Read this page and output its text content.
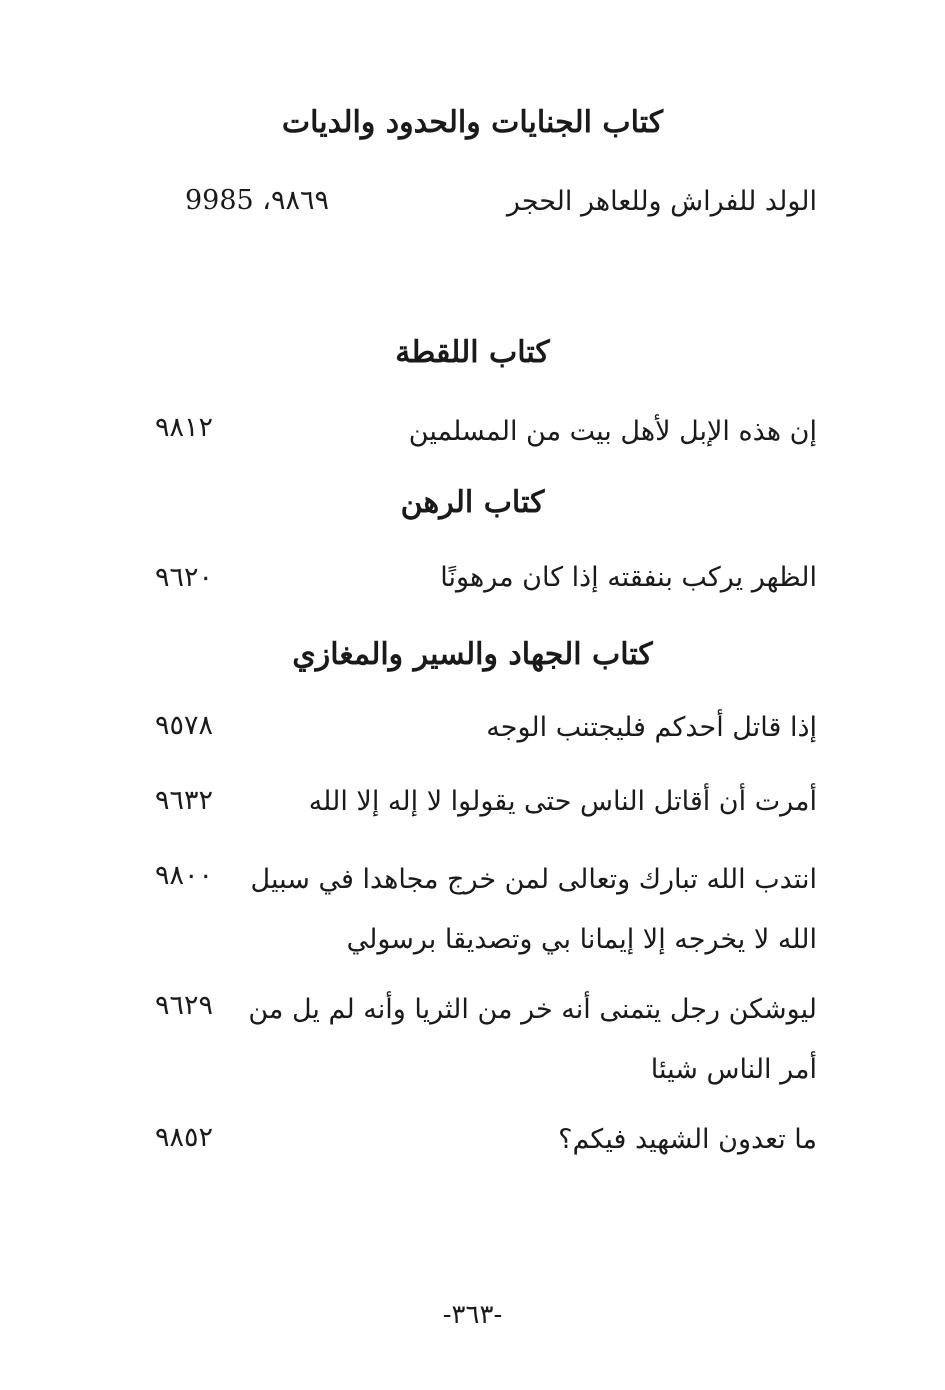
كتاب الجنايات والحدود والديات
الولد للفراش وللعاهر الحجر
٩٨٦٩، 9985
كتاب اللقطة
إن هذه الإبل لأهل بيت من المسلمين
٩٨١٢
كتاب الرهن
الظهر يركب بنفقته إذا كان مرهونًا
٩٦٢٠
كتاب الجهاد والسير والمغازي
إذا قاتل أحدكم فليجتنب الوجه
٩٥٧٨
أمرت أن أقاتل الناس حتى يقولوا لا إله إلا الله
٩٦٣٢
انتدب الله تبارك وتعالى لمن خرج مجاهدا في سبيل الله لا يخرجه إلا إيمانا بي وتصديقا برسولي
٩٨٠٠
ليوشكن رجل يتمنى أنه خر من الثريا وأنه لم يل من أمر الناس شيئا
٩٦٢٩
ما تعدون الشهيد فيكم؟
٩٨٥٢
-٣٦٣-
